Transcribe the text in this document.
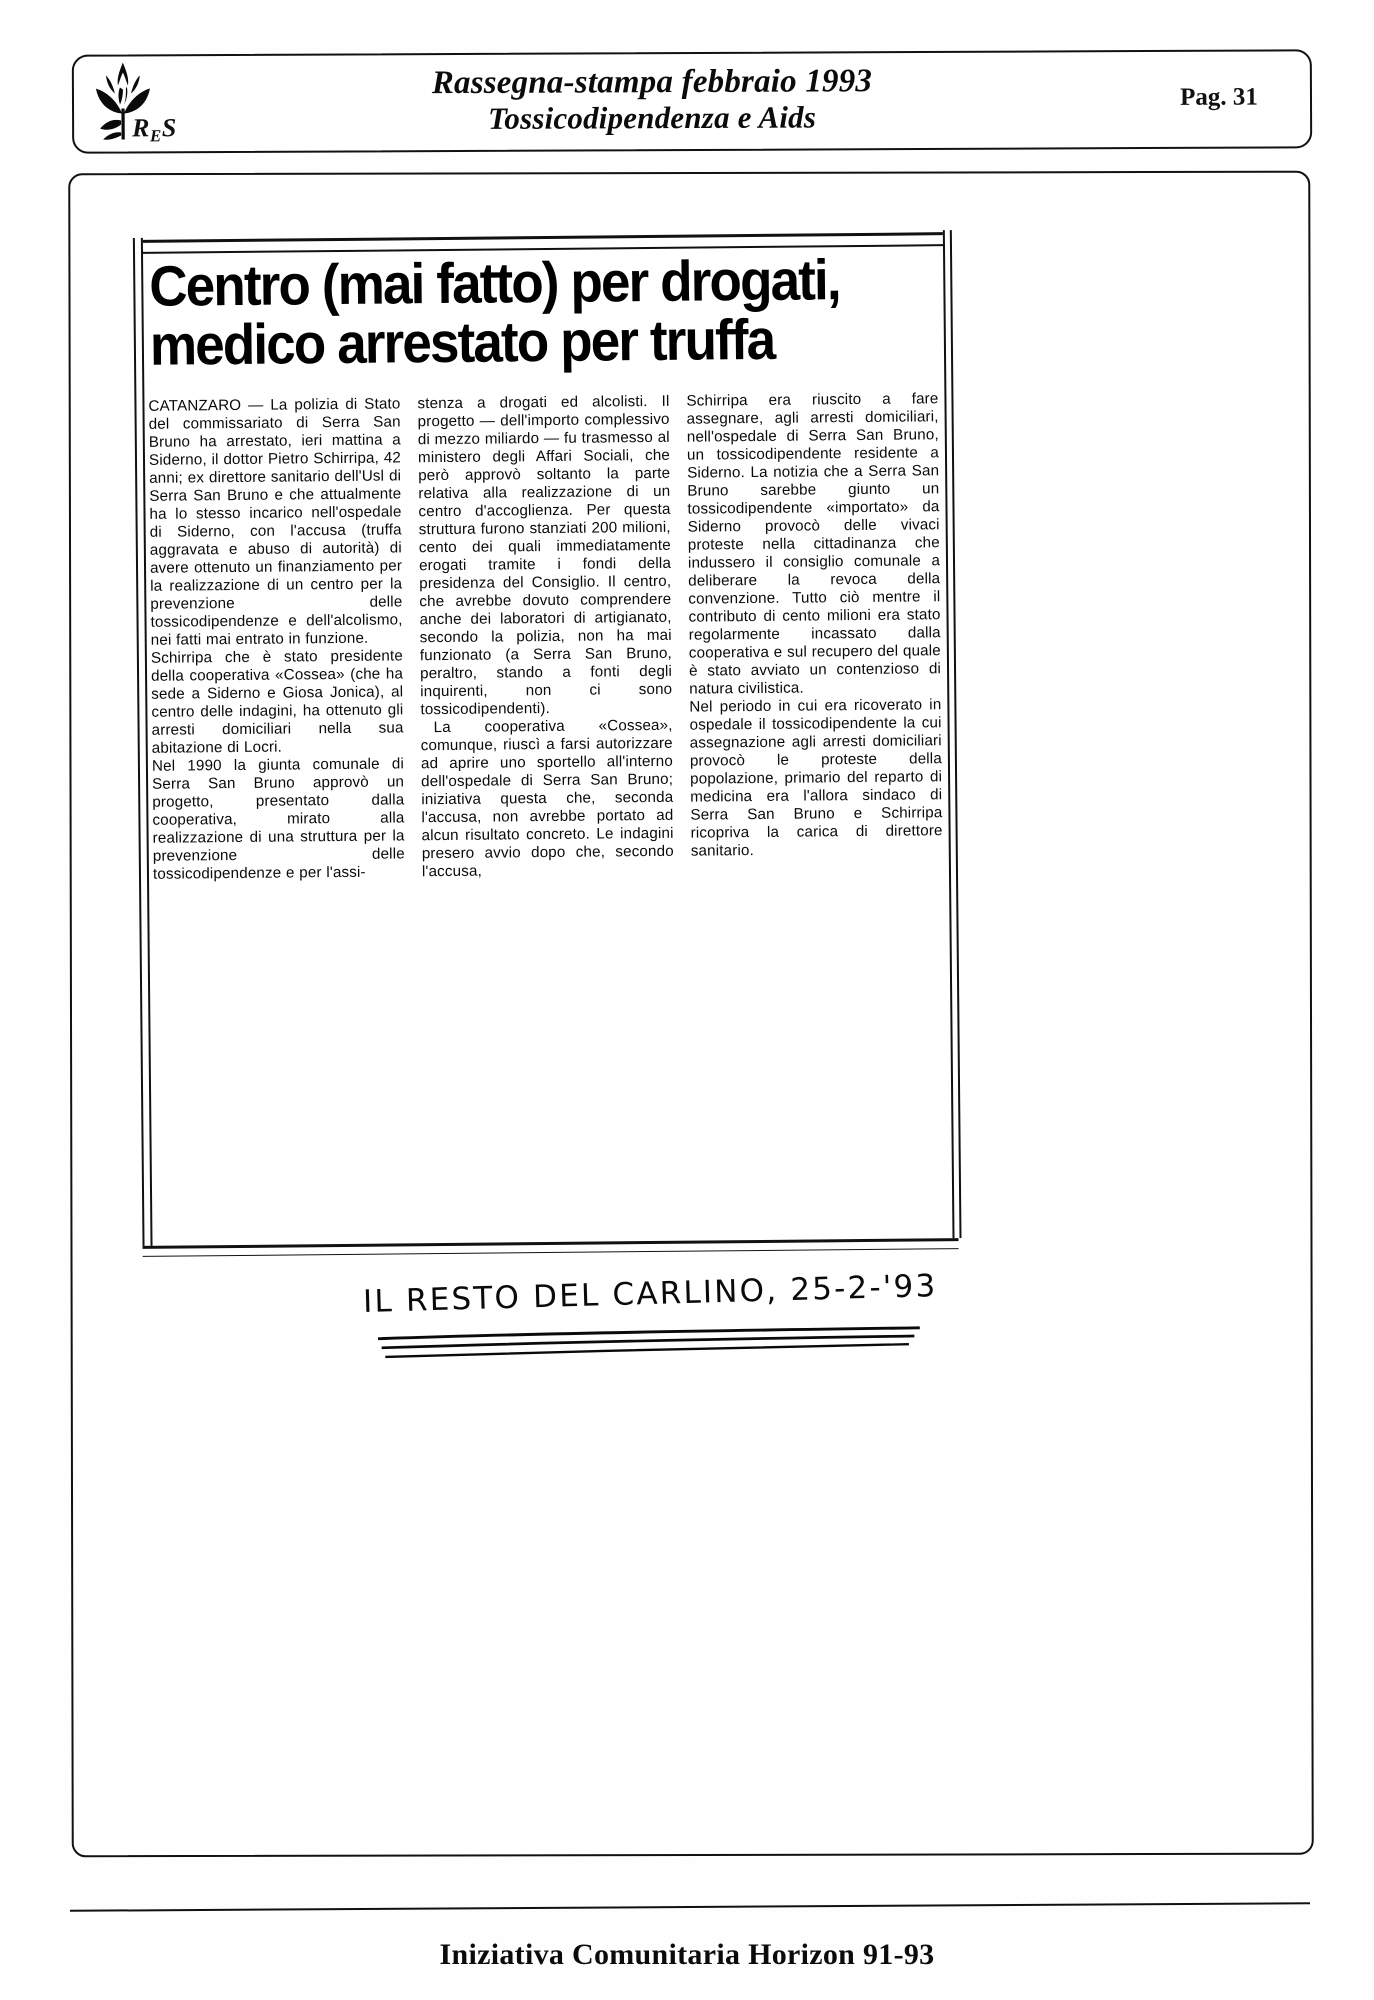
$R_ES$
Rassegna-stampa febbraio 1993
Tossicodipendenza e Aids
Pag. 31
Centro (mai fatto) per drogati,
medico arrestato per truffa

CATANZARO — La polizia di Stato del commissariato di Serra San Bruno ha arrestato, ieri mattina a Siderno, il dottor Pietro Schirripa, 42 anni; ex direttore sanitario dell'Usl di Serra San Bruno e che attualmente ha lo stesso incarico nell'ospedale di Siderno, con l'accusa (truffa aggravata e abuso di autorità) di avere ottenuto un finanziamento per la realizzazione di un centro per la prevenzione delle tossicodipendenze e dell'alcolismo, nei fatti mai entrato in funzione.

Schirripa che è stato presidente della cooperativa «Cossea» (che ha sede a Siderno e Giosa Jonica), al centro delle indagini, ha ottenuto gli arresti domiciliari nella sua abitazione di Locri.

Nel 1990 la giunta comunale di Serra San Bruno approvò un progetto, presentato dalla cooperativa, mirato alla realizzazione di una struttura per la prevenzione delle tossicodipendenze e per l'assi-

stenza a drogati ed alcolisti. Il progetto — dell'importo complessivo di mezzo miliardo — fu trasmesso al ministero degli Affari Sociali, che però approvò soltanto la parte relativa alla realizzazione di un centro d'accoglienza. Per questa struttura furono stanziati 200 milioni, cento dei quali immediatamente erogati tramite i fondi della presidenza del Consiglio. Il centro, che avrebbe dovuto comprendere anche dei laboratori di artigianato, secondo la polizia, non ha mai funzionato (a Serra San Bruno, peraltro, stando a fonti degli inquirenti, non ci sono tossicodipendenti).

La cooperativa «Cossea», comunque, riuscì a farsi autorizzare ad aprire uno sportello all'interno dell'ospedale di Serra San Bruno; iniziativa questa che, seconda l'accusa, non avrebbe portato ad alcun risultato concreto. Le indagini presero avvio dopo che, secondo l'accusa,

Schirripa era riuscito a fare assegnare, agli arresti domiciliari, nell'ospedale di Serra San Bruno, un tossicodipendente residente a Siderno. La notizia che a Serra San Bruno sarebbe giunto un tossicodipendente «importato» da Siderno provocò delle vivaci proteste nella cittadinanza che indussero il consiglio comunale a deliberare la revoca della convenzione. Tutto ciò mentre il contributo di cento milioni era stato regolarmente incassato dalla cooperativa e sul recupero del quale è stato avviato un contenzioso di natura civilistica.

Nel periodo in cui era ricoverato in ospedale il tossicodipendente la cui assegnazione agli arresti domiciliari provocò le proteste della popolazione, primario del reparto di medicina era l'allora sindaco di Serra San Bruno e Schirripa ricopriva la carica di direttore sanitario.

IL RESTO DEL CARLINO, 25-2-'93
Iniziativa Comunitaria Horizon 91-93
